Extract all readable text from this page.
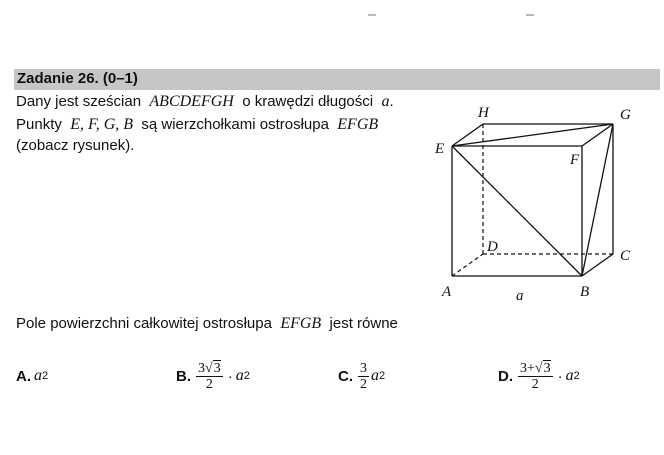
Zadanie 26. (0–1)
Dany jest sześcian ABCDEFGH o krawędzi długości a.
Punkty E, F, G, B są wierzchołkami ostrosłupa EFGB
(zobacz rysunek).
H	G
E
F
D
C
A	B
a
Pole powierzchni całkowitej ostrosłupa EFGB jest równe
A. a 2	B. $\frac{3√3}{2} \cdot a$ 2	C. $\frac{3}{2}$ a 2	D. $\frac{3+√3}{2} \cdot a$ 2
